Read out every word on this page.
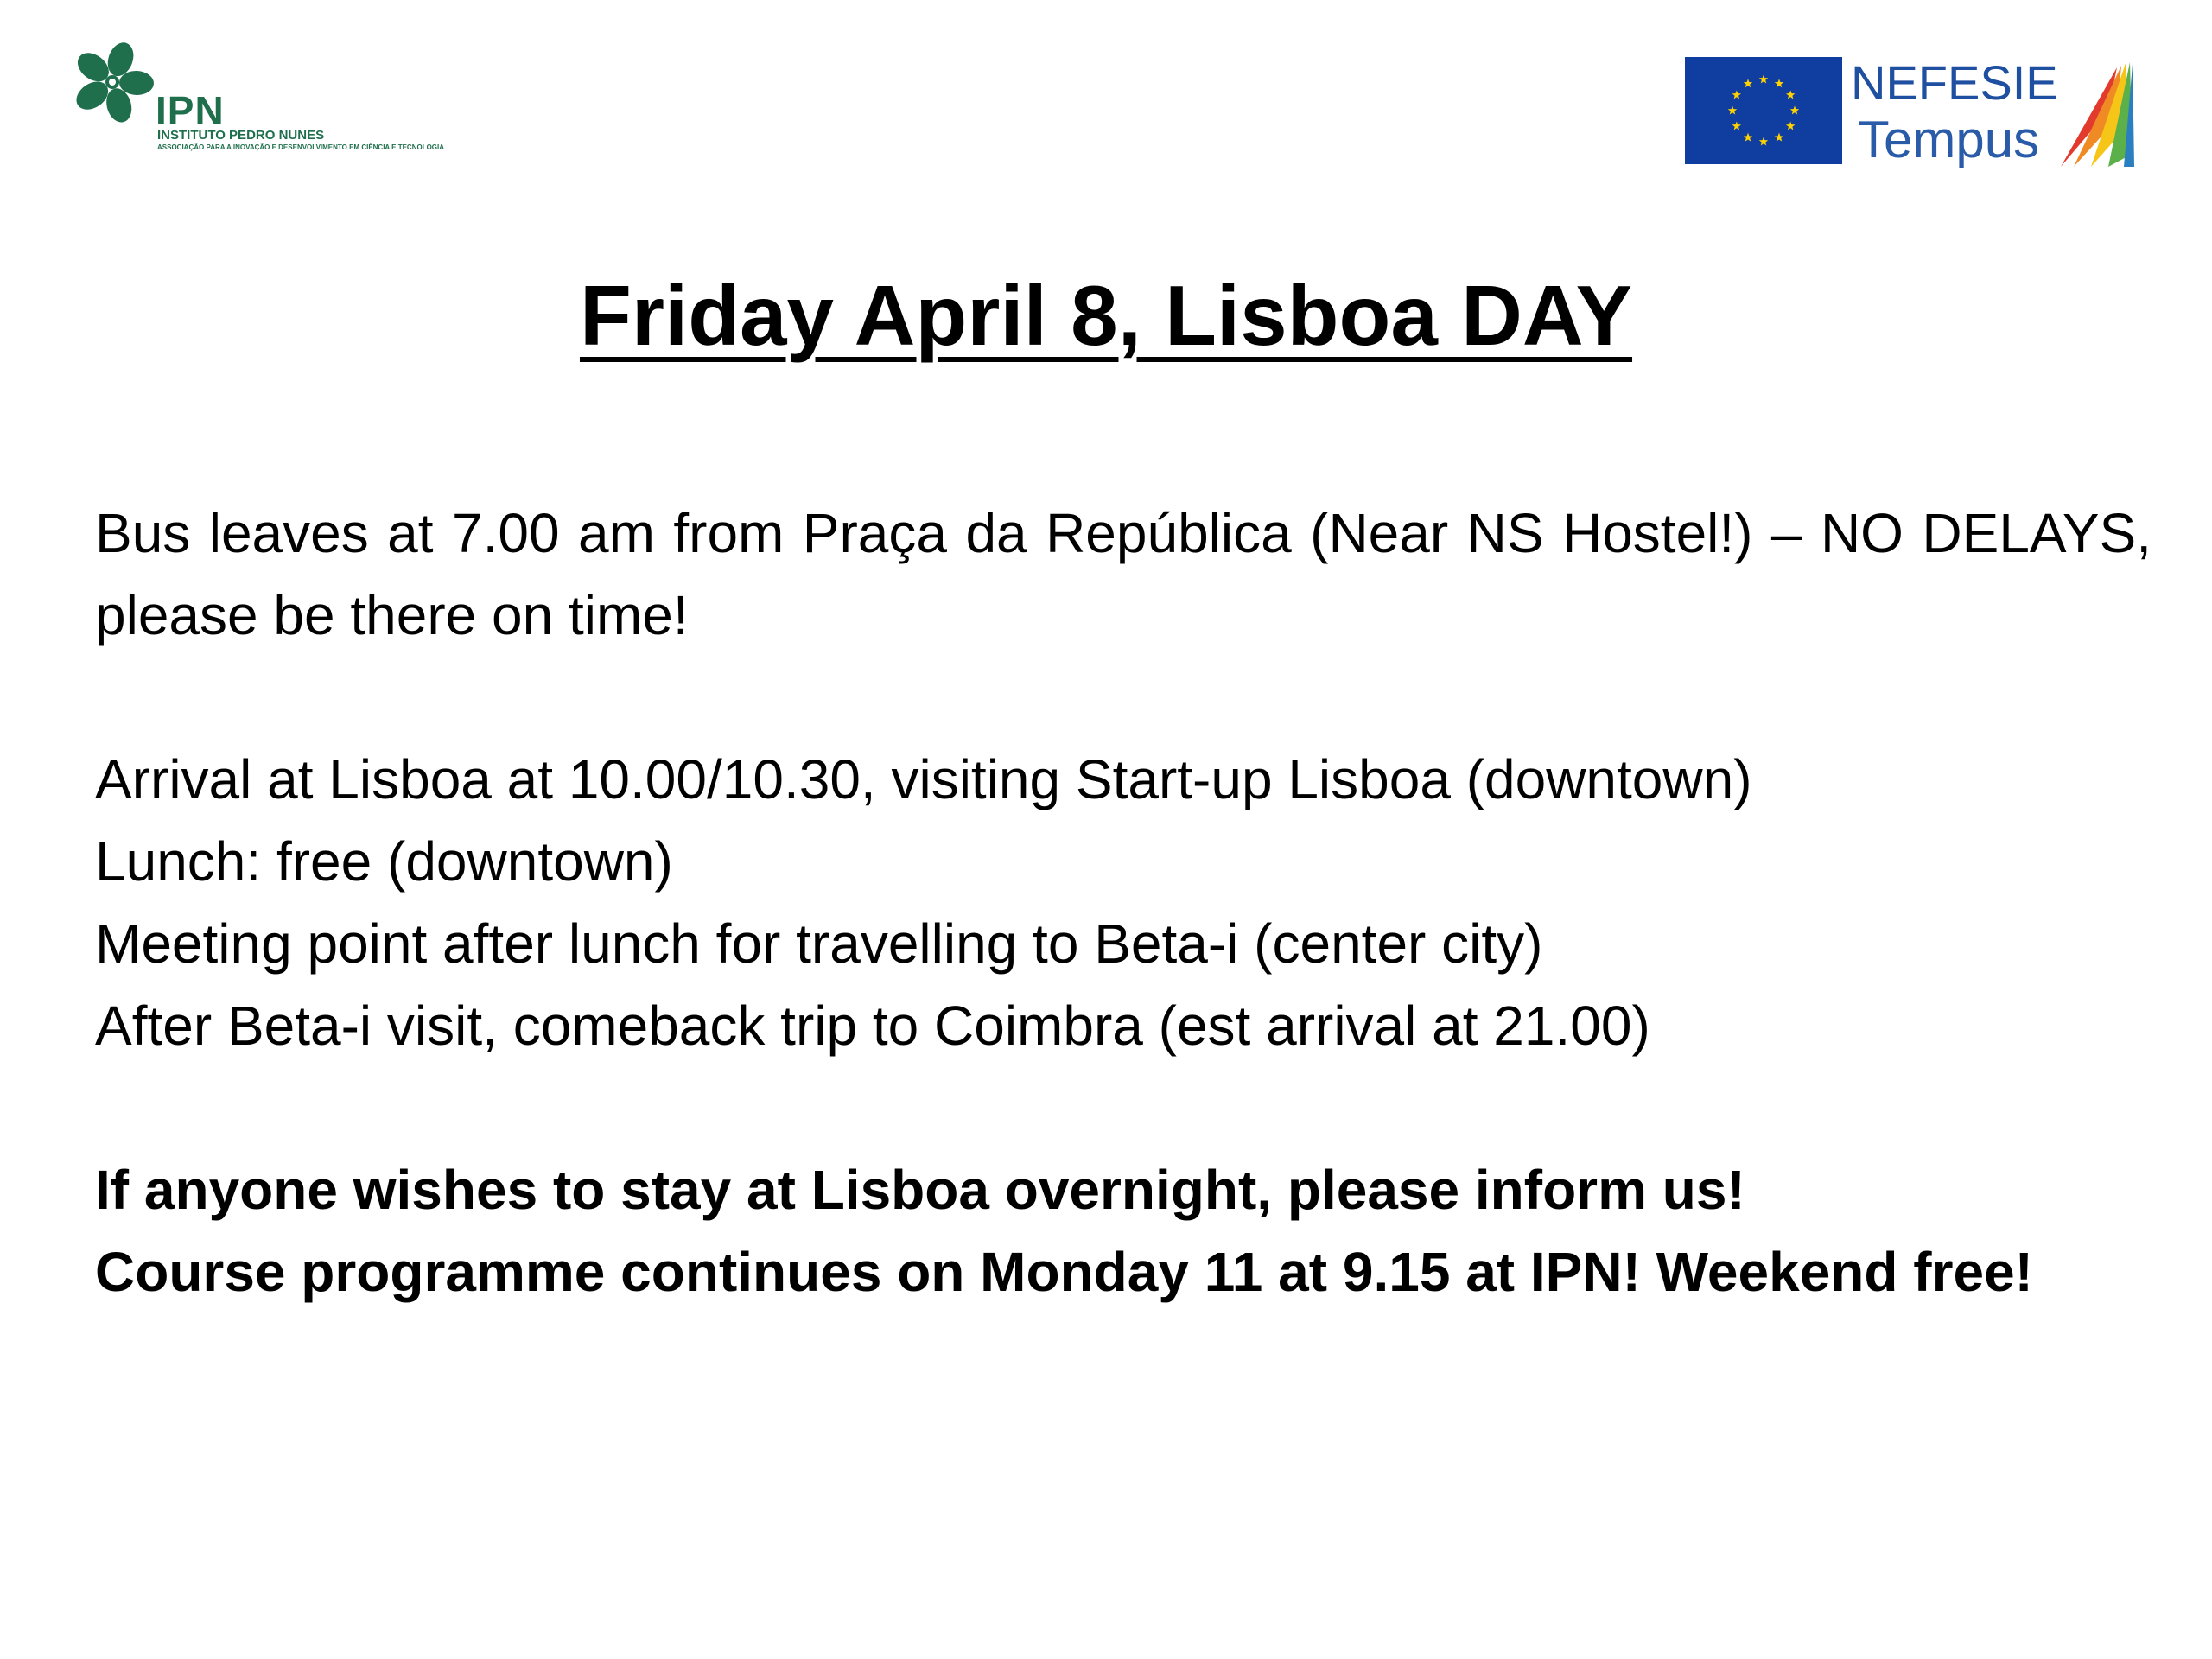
IPN
INSTITUTO PEDRO NUNES
ASSOCIAÇÃO PARA A INOVAÇÃO E DESENVOLVIMENTO EM CIÊNCIA E TECNOLOGIA
NEFESIE
Tempus
Friday April 8, Lisboa DAY

Bus leaves at 7.00 am from Praça da República (Near NS Hostel!) – NO DELAYS, please be there on time!

Arrival at Lisboa at 10.00/10.30, visiting Start-up Lisboa (downtown)
Lunch: free (downtown)
Meeting point after lunch for travelling to Beta-i (center city)
After Beta-i visit, comeback trip to Coimbra (est arrival at 21.00)

If anyone wishes to stay at Lisboa overnight, please inform us!

Course programme continues on Monday 11 at 9.15 at IPN! Weekend free!
